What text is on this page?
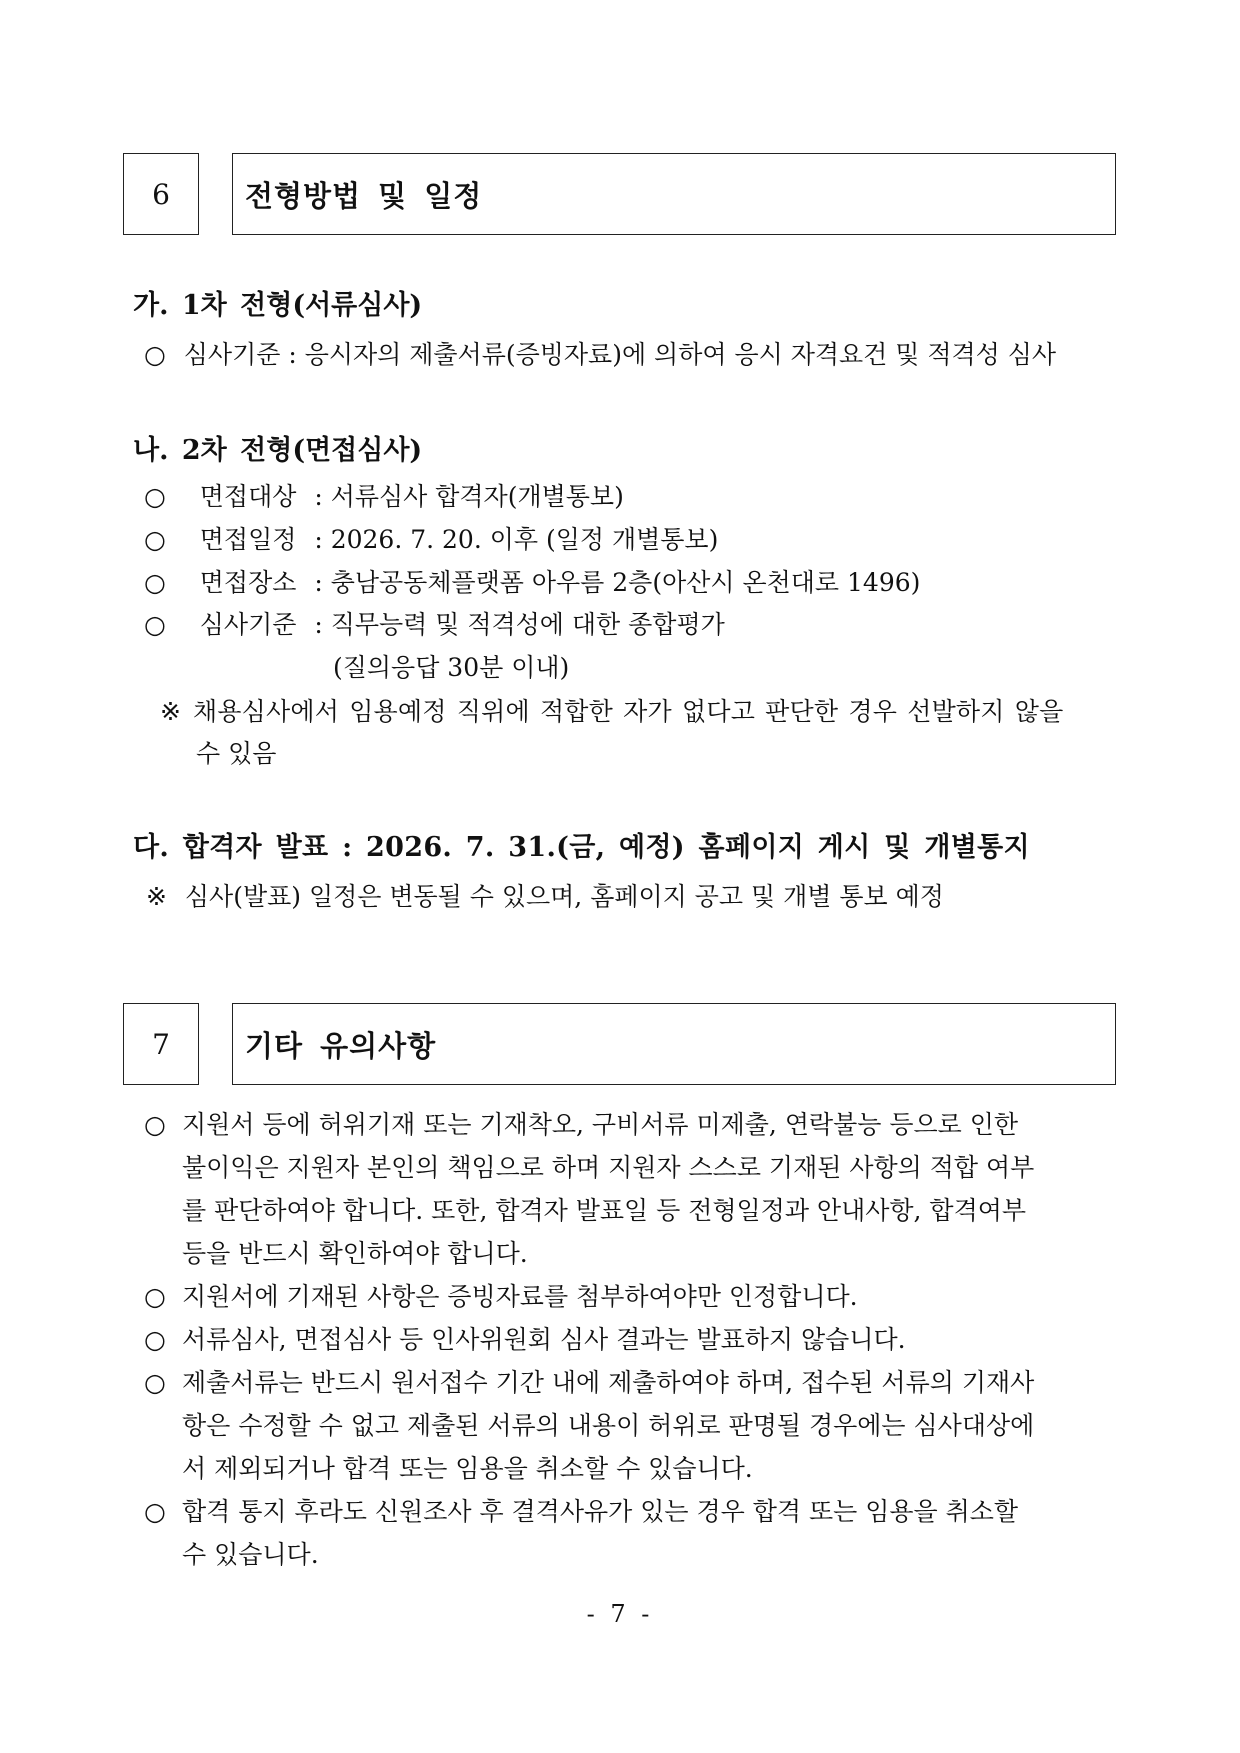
6	전형방법 및 일정
가. 1차 전형(서류심사)
○ 심사기준 : 응시자의 제출서류(증빙자료)에 의하여 응시 자격요건 및 적격성 심사
나. 2차 전형(면접심사)
○ 면접대상 : 서류심사 합격자(개별통보)
○ 면접일정 : 2026. 7. 20. 이후 (일정 개별통보)
○ 면접장소 : 충남공동체플랫폼 아우름 2층(아산시 온천대로 1496)
○ 심사기준 : 직무능력 및 적격성에 대한 종합평가
(질의응답 30분 이내)
※ 채용심사에서 임용예정 직위에 적합한 자가 없다고 판단한 경우 선발하지 않을
수 있음
다. 합격자 발표 : 2026. 7. 31.(금, 예정) 홈페이지 게시 및 개별통지
※ 심사(발표) 일정은 변동될 수 있으며, 홈페이지 공고 및 개별 통보 예정
7	기타 유의사항
○ 지원서 등에 허위기재 또는 기재착오, 구비서류 미제출, 연락불능 등으로 인한
불이익은 지원자 본인의 책임으로 하며 지원자 스스로 기재된 사항의 적합 여부
를 판단하여야 합니다. 또한, 합격자 발표일 등 전형일정과 안내사항, 합격여부
등을 반드시 확인하여야 합니다.
○ 지원서에 기재된 사항은 증빙자료를 첨부하여야만 인정합니다.
○ 서류심사, 면접심사 등 인사위원회 심사 결과는 발표하지 않습니다.
○ 제출서류는 반드시 원서접수 기간 내에 제출하여야 하며, 접수된 서류의 기재사
항은 수정할 수 없고 제출된 서류의 내용이 허위로 판명될 경우에는 심사대상에
서 제외되거나 합격 또는 임용을 취소할 수 있습니다.
○ 합격 통지 후라도 신원조사 후 결격사유가 있는 경우 합격 또는 임용을 취소할
수 있습니다.
- 7 -
